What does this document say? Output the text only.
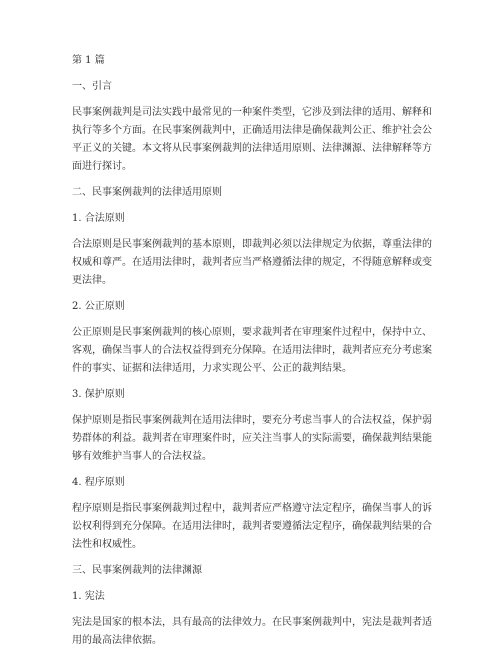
第 1 篇

一、引言

民事案例裁判是司法实践中最常见的一种案件类型，它涉及到法律的适用、解释和
执行等多个方面。在民事案例裁判中，正确适用法律是确保裁判公正、维护社会公
平正义的关键。本文将从民事案例裁判的法律适用原则、法律渊源、法律解释等方
面进行探讨。

二、民事案例裁判的法律适用原则

1. 合法原则

合法原则是民事案例裁判的基本原则，即裁判必须以法律规定为依据，尊重法律的
权威和尊严。在适用法律时，裁判者应当严格遵循法律的规定，不得随意解释或变
更法律。

2. 公正原则

公正原则是民事案例裁判的核心原则，要求裁判者在审理案件过程中，保持中立、
客观，确保当事人的合法权益得到充分保障。在适用法律时，裁判者应充分考虑案
件的事实、证据和法律适用，力求实现公平、公正的裁判结果。

3. 保护原则

保护原则是指民事案例裁判在适用法律时，要充分考虑当事人的合法权益，保护弱
势群体的利益。裁判者在审理案件时，应关注当事人的实际需要，确保裁判结果能
够有效维护当事人的合法权益。

4. 程序原则

程序原则是指民事案例裁判过程中，裁判者应严格遵守法定程序，确保当事人的诉
讼权利得到充分保障。在适用法律时，裁判者要遵循法定程序，确保裁判结果的合
法性和权威性。

三、民事案例裁判的法律渊源

1. 宪法

宪法是国家的根本法，具有最高的法律效力。在民事案例裁判中，宪法是裁判者适
用的最高法律依据。
